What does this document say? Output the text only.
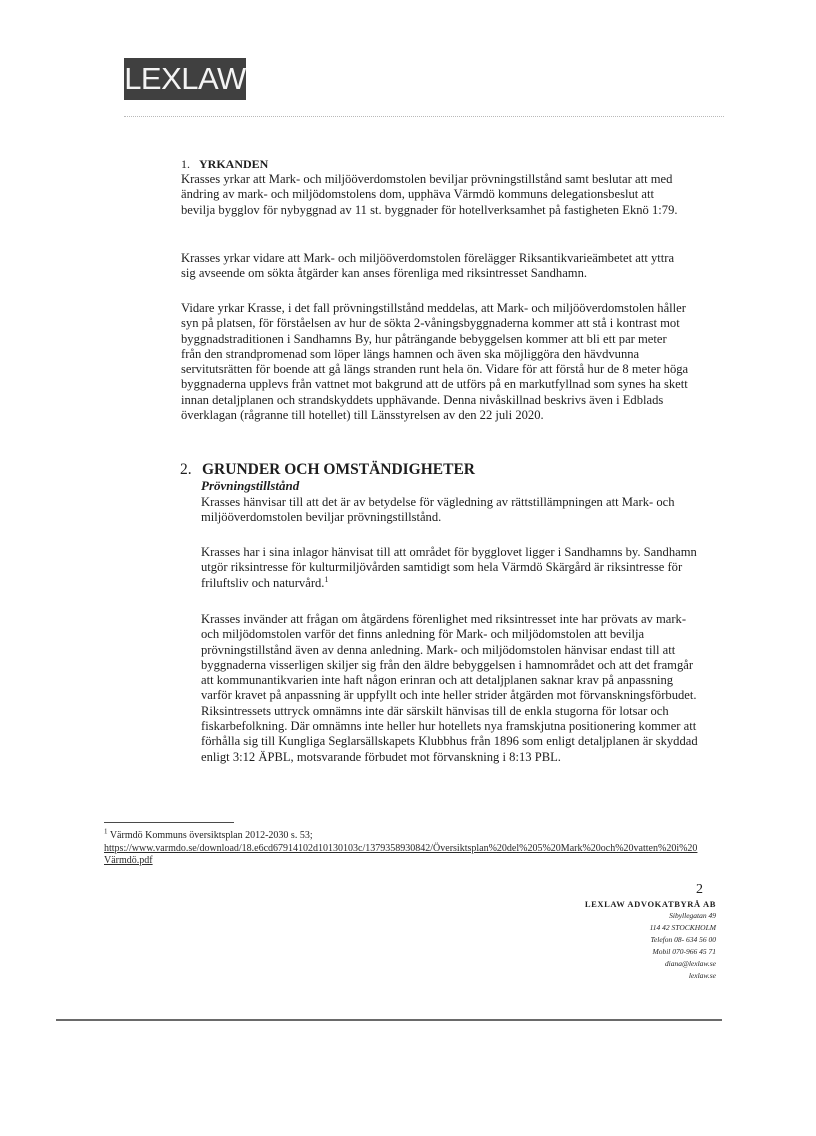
LEXLAW
1. YRKANDEN

Krasses yrkar att Mark- och miljööverdomstolen beviljar prövningstillstånd samt beslutar att med ändring av mark- och miljödomstolens dom, upphäva Värmdö kommuns delegationsbeslut att bevilja bygglov för nybyggnad av 11 st. byggnader för hotellverksamhet på fastigheten Eknö 1:79.

Krasses yrkar vidare att Mark- och miljööverdomstolen förelägger Riksantikvarieämbetet att yttra sig avseende om sökta åtgärder kan anses förenliga med riksintresset Sandhamn.

Vidare yrkar Krasse, i det fall prövningstillstånd meddelas, att Mark- och miljööverdomstolen håller syn på platsen, för förståelsen av hur de sökta 2-våningsbyggnaderna kommer att stå i kontrast mot byggnadstraditionen i Sandhamns By, hur påträngande bebyggelsen kommer att bli ett par meter från den strandpromenad som löper längs hamnen och även ska möjliggöra den hävdvunna servitutsrätten för boende att gå längs stranden runt hela ön. Vidare för att förstå hur de 8 meter höga byggnaderna upplevs från vattnet mot bakgrund att de utförs på en markutfyllnad som synes ha skett innan detaljplanen och strandskyddets upphävande. Denna nivåskillnad beskrivs även i Edblads överklagan (rågranne till hotellet) till Länsstyrelsen av den 22 juli 2020.

2. GRUNDER OCH OMSTÄNDIGHETER
Prövningstillstånd

Krasses hänvisar till att det är av betydelse för vägledning av rättstillämpningen att Mark- och miljööverdomstolen beviljar prövningstillstånd.

Krasses har i sina inlagor hänvisat till att området för bygglovet ligger i Sandhamns by. Sandhamn utgör riksintresse för kulturmiljövården samtidigt som hela Värmdö Skärgård är riksintresse för friluftsliv och naturvård.$^1$

Krasses invänder att frågan om åtgärdens förenlighet med riksintresset inte har prövats av mark- och miljödomstolen varför det finns anledning för Mark- och miljödomstolen att bevilja prövningstillstånd även av denna anledning. Mark- och miljödomstolen hänvisar endast till att byggnaderna visserligen skiljer sig från den äldre bebyggelsen i hamnområdet och att det framgår att kommunantikvarien inte haft någon erinran och att detaljplanen saknar krav på anpassning varför kravet på anpassning är uppfyllt och inte heller strider åtgärden mot förvanskningsförbudet. Riksintressets uttryck omnämns inte där särskilt hänvisas till de enkla stugorna för lotsar och fiskarbefolkning. Där omnämns inte heller hur hotellets nya framskjutna positionering kommer att förhålla sig till Kungliga Seglarsällskapets Klubbhus från 1896 som enligt detaljplanen är skyddad enligt 3:12 ÄPBL, motsvarande förbudet mot förvanskning i 8:13 PBL.

$^1$ Värmdö Kommuns översiktsplan 2012-2030 s. 53;
https://www.varmdo.se/download/18.e6cd67914102d10130103c/1379358930842/Översiktsplan%20del%205%20Mark%20och%20vatten%20i%20Värmdö.pdf

2
LEXLAW ADVOKATBYRÅ AB
Sibyllegatan 49
114 42 STOCKHOLM
Telefon 08- 634 56 00
Mobil 070-966 45 71
diana@lexlaw.se
lexlaw.se
